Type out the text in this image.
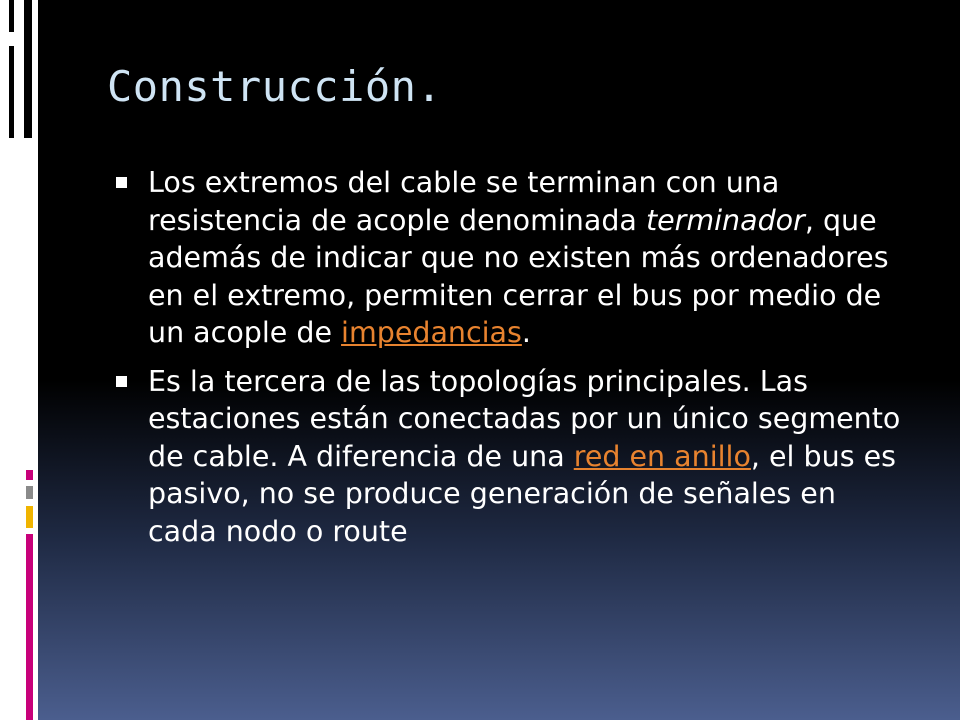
Construcción.
Los extremos del cable se terminan con una resistencia de acople denominada terminador, que además de indicar que no existen más ordenadores en el extremo, permiten cerrar el bus por medio de un acople de impedancias.
Es la tercera de las topologías principales. Las estaciones están conectadas por un único segmento de cable. A diferencia de una red en anillo, el bus es pasivo, no se produce generación de señales en cada nodo o route
